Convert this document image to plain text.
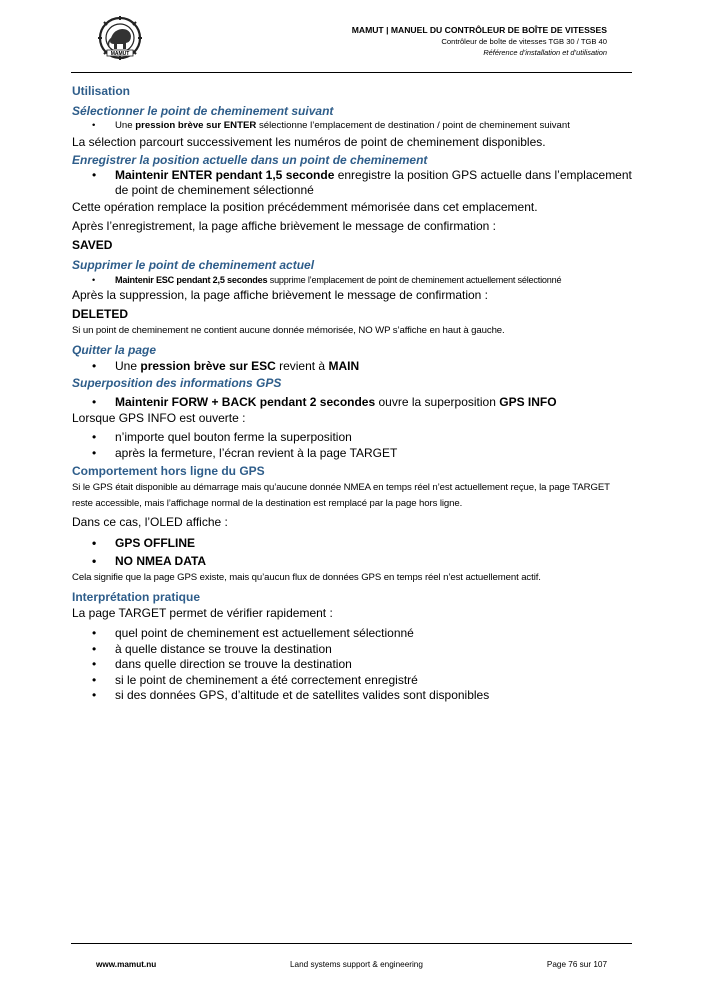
MAMUT
MAMUT | MANUEL DU CONTRÔLEUR DE BOÎTE DE VITESSES
Contrôleur de boîte de vitesses TGB 30 / TGB 40
Référence d’installation et d’utilisation

Utilisation

Sélectionner le point de cheminement suivant

• Une pression brève sur ENTER sélectionne l’emplacement de destination / point de cheminement suivant

La sélection parcourt successivement les numéros de point de cheminement disponibles.

Enregistrer la position actuelle dans un point de cheminement

• Maintenir ENTER pendant 1,5 seconde enregistre la position GPS actuelle dans l’emplacement de point de cheminement sélectionné

Cette opération remplace la position précédemment mémorisée dans cet emplacement.

Après l’enregistrement, la page affiche brièvement le message de confirmation :

SAVED

Supprimer le point de cheminement actuel

• Maintenir ESC pendant 2,5 secondes supprime l’emplacement de point de cheminement actuellement sélectionné

Après la suppression, la page affiche brièvement le message de confirmation :

DELETED

Si un point de cheminement ne contient aucune donnée mémorisée, NO WP s’affiche en haut à gauche.

Quitter la page

• Une pression brève sur ESC revient à MAIN

Superposition des informations GPS

• Maintenir FORW + BACK pendant 2 secondes ouvre la superposition GPS INFO

Lorsque GPS INFO est ouverte :

• n’importe quel bouton ferme la superposition
• après la fermeture, l’écran revient à la page TARGET

Comportement hors ligne du GPS

Si le GPS était disponible au démarrage mais qu’aucune donnée NMEA en temps réel n’est actuellement reçue, la page TARGET reste accessible, mais l’affichage normal de la destination est remplacé par la page hors ligne.

Dans ce cas, l’OLED affiche :

• GPS OFFLINE
• NO NMEA DATA

Cela signifie que la page GPS existe, mais qu’aucun flux de données GPS en temps réel n’est actuellement actif.

Interprétation pratique

La page TARGET permet de vérifier rapidement :

• quel point de cheminement est actuellement sélectionné
• à quelle distance se trouve la destination
• dans quelle direction se trouve la destination
• si le point de cheminement a été correctement enregistré
• si des données GPS, d’altitude et de satellites valides sont disponibles
www.mamut.nu	Land systems support & engineering	Page 76 sur 107
